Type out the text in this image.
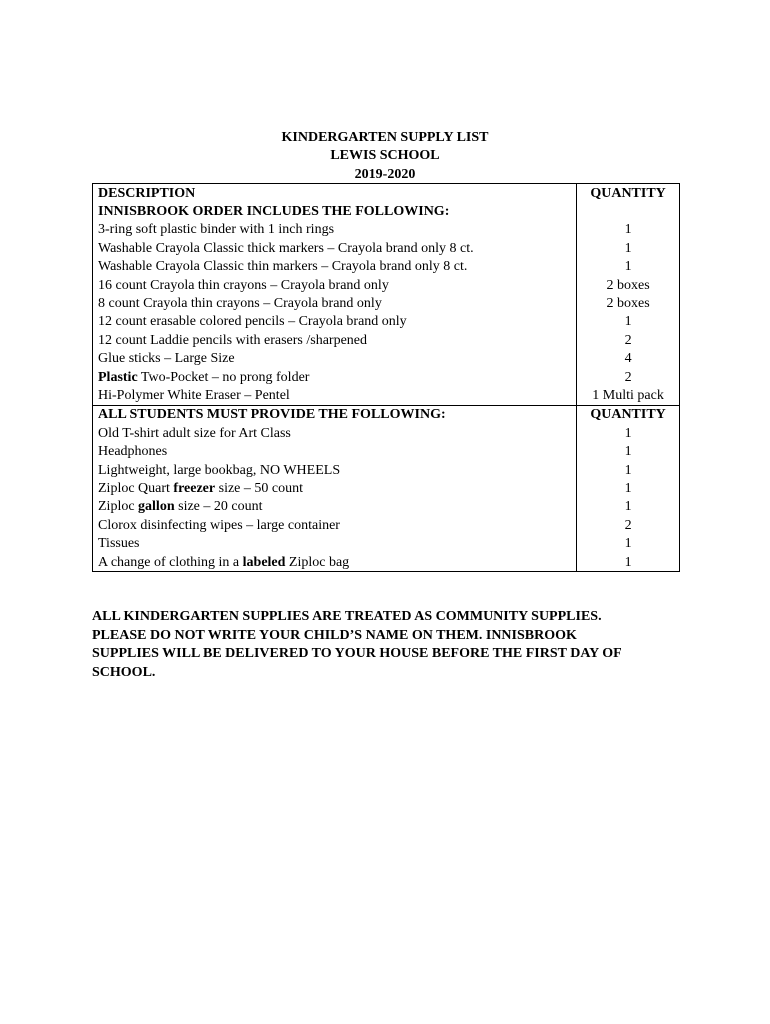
KINDERGARTEN SUPPLY LIST
LEWIS SCHOOL
2019-2020
DESCRIPTION	QUANTITY
INNISBROOK ORDER INCLUDES THE FOLLOWING:	
3-ring soft plastic binder with 1 inch rings	1
Washable Crayola Classic thick markers – Crayola brand only 8 ct.	1
Washable Crayola Classic thin markers – Crayola brand only 8 ct.	1
16 count Crayola thin crayons – Crayola brand only	2 boxes
8 count Crayola thin crayons – Crayola brand only	2 boxes
12 count erasable colored pencils – Crayola brand only	1
12 count Laddie pencils with erasers /sharpened	2
Glue sticks – Large Size	4
Plastic Two-Pocket – no prong folder	2
Hi-Polymer White Eraser – Pentel	1 Multi pack
ALL STUDENTS MUST PROVIDE THE FOLLOWING:	QUANTITY
Old T-shirt adult size for Art Class	1
Headphones	1
Lightweight, large bookbag, NO WHEELS	1
Ziploc Quart freezer size – 50 count	1
Ziploc gallon size – 20 count	1
Clorox disinfecting wipes – large container	2
Tissues	1
A change of clothing in a labeled Ziploc bag	1
ALL KINDERGARTEN SUPPLIES ARE TREATED AS COMMUNITY SUPPLIES.
PLEASE DO NOT WRITE YOUR CHILD’S NAME ON THEM. INNISBROOK
SUPPLIES WILL BE DELIVERED TO YOUR HOUSE BEFORE THE FIRST DAY OF
SCHOOL.
